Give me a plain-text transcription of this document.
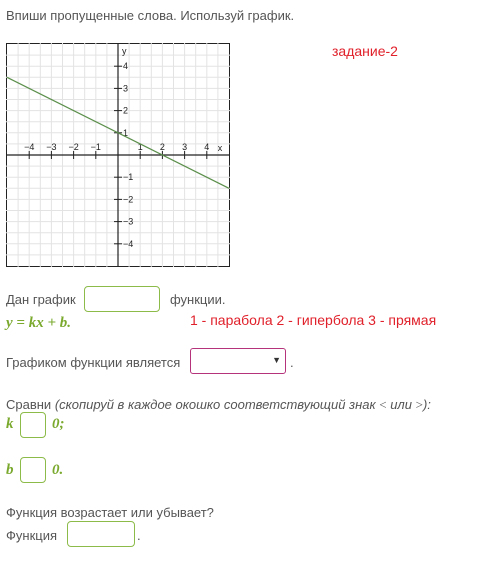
Впиши пропущенные слова. Используй график.
−4 −3 −2 −1	1 2 3 4
4
3
2
1
−1
−2
−3
−4
x
y	задание-2
Дан график	функции.
y = kx + b.	1 - парабола 2 - гипербола 3 - прямая
Графиком функции является	▼ .
Сравни (скопируй в каждое окошко соответствующий знак < или >):
k	0;
b	0.
Функция возрастает или убывает?
Функция	.
